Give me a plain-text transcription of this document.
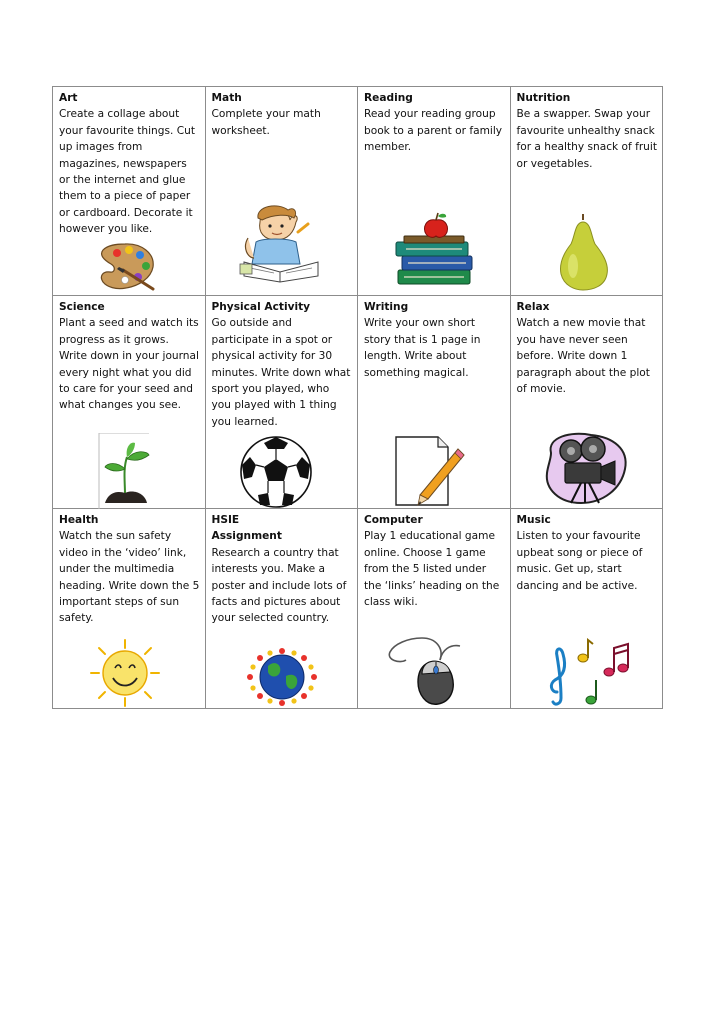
Art
Create a collage about your favourite things. Cut up images from magazines, newspapers or the internet and glue them to a piece of paper or cardboard. Decorate it however you like.	Math
Complete your math worksheet.	Reading
Read your reading group book to a parent or family member.	Nutrition
Be a swapper. Swap your favourite unhealthy snack for a healthy snack of fruit or vegetables.

Science
Plant a seed and watch its progress as it grows. Write down in your journal every night what you did to care for your seed and what changes you see.	Physical Activity
Go outside and participate in a spot or physical activity for 30 minutes. Write down what sport you played, who you played with 1 thing you learned.	Writing
Write your own short story that is 1 page in length. Write about something magical.	Relax
Watch a new movie that you have never seen before. Write down 1 paragraph about the plot of movie.

Health
Watch the sun safety video in the ‘video’ link, under the multimedia heading. Write down the 5 important steps of sun safety.	HSIE
Assignment
Research a country that interests you. Make a poster and include lots of facts and pictures about your selected country.	Computer
Play 1 educational game online. Choose 1 game from the 5 listed under the ‘links’ heading on the class wiki.	Music
Listen to your favourite upbeat song or piece of music. Get up, start dancing and be active.
